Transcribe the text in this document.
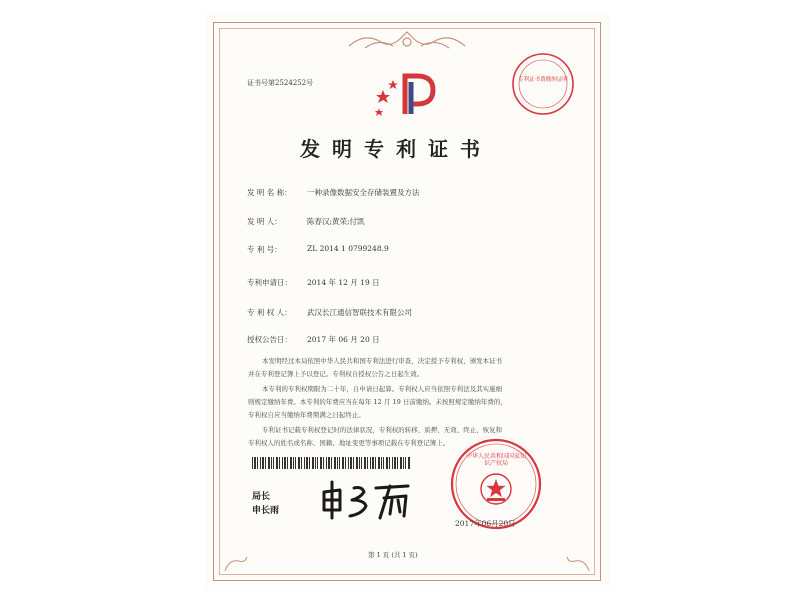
证书号第2524252号	专利证书费缴纳证明
发明专利证书
发 明 名 称： 一种录像数据安全存储装置及方法
发 明 人：	陈春汉;黄荣;付凯
专 利 号：	ZL 2014 1 0799248.9
专利申请日： 2014 年 12 月 19 日
专 利 权 人： 武汉长江通信智联技术有限公司
授权公告日： 2017 年 06 月 20 日
本发明经过本局依照中华人民共和国专利法进行审查，决定授予专利权，颁发本证书
并在专利登记簿上予以登记。专利权自授权公告之日起生效。
本专利的专利权期限为二十年，自申请日起算。专利权人应当依照专利法及其实施细
则规定缴纳年费。本专利的年费应当在每年 12 月 19 日前缴纳。未按照规定缴纳年费的，
专利权自应当缴纳年费期满之日起终止。
专利证书记载专利权登记时的法律状况，专利权的转移、质押、无效、终止、恢复和
专利权人的姓名或名称、国籍、地址变更等事项记载在专利登记簿上。
局长
申长雨
中华人民共和国国家知识产权局
2017年06月20日
第 1 页 (共 1 页)
